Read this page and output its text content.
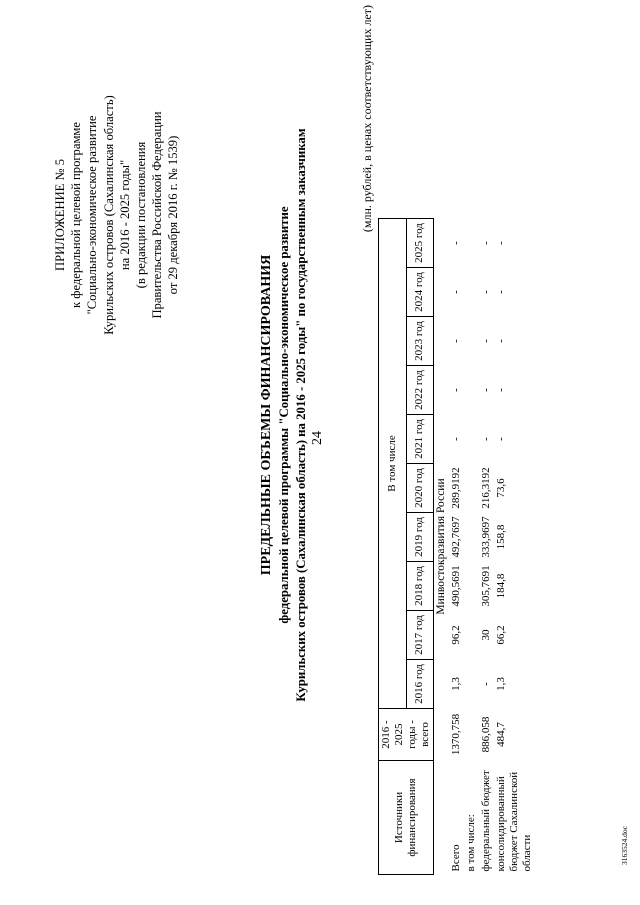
24
ПРИЛОЖЕНИЕ № 5 к федеральной целевой программе "Социально-экономическое развитие Курильских островов (Сахалинская область) на 2016 - 2025 годы" (в редакции постановления Правительства Российской Федерации от 29 декабря 2016 г. № 1539)
ПРЕДЕЛЬНЫЕ ОБЪЕМЫ ФИНАНСИРОВАНИЯ федеральной целевой программы "Социально-экономическое развитие Курильских островов (Сахалинская область) на 2016 - 2025 годы" по государственным заказчикам
(млн. рублей, в ценах соответствующих лет)
Источники финансирования	2016 - 2025 годы - всего	В том числе									
		2016 год	2017 год	2018 год	2019 год	2020 год	2021 год	2022 год	2023 год	2024 год	2025 год
Минвостокразвития России											
Всего	1370,758	1,3	96,2	490,5691	492,7697	289,9192	-	-	-	-	-
в том числе:											
федеральный бюджет	886,058	-	30	305,7691	333,9697	216,3192	-	-	-	-	-
консолидированный бюджет Сахалинской области	484,7	1,3	66,2	184,8	158,8	73,6	-	-	-	-	-
3163524.doc
